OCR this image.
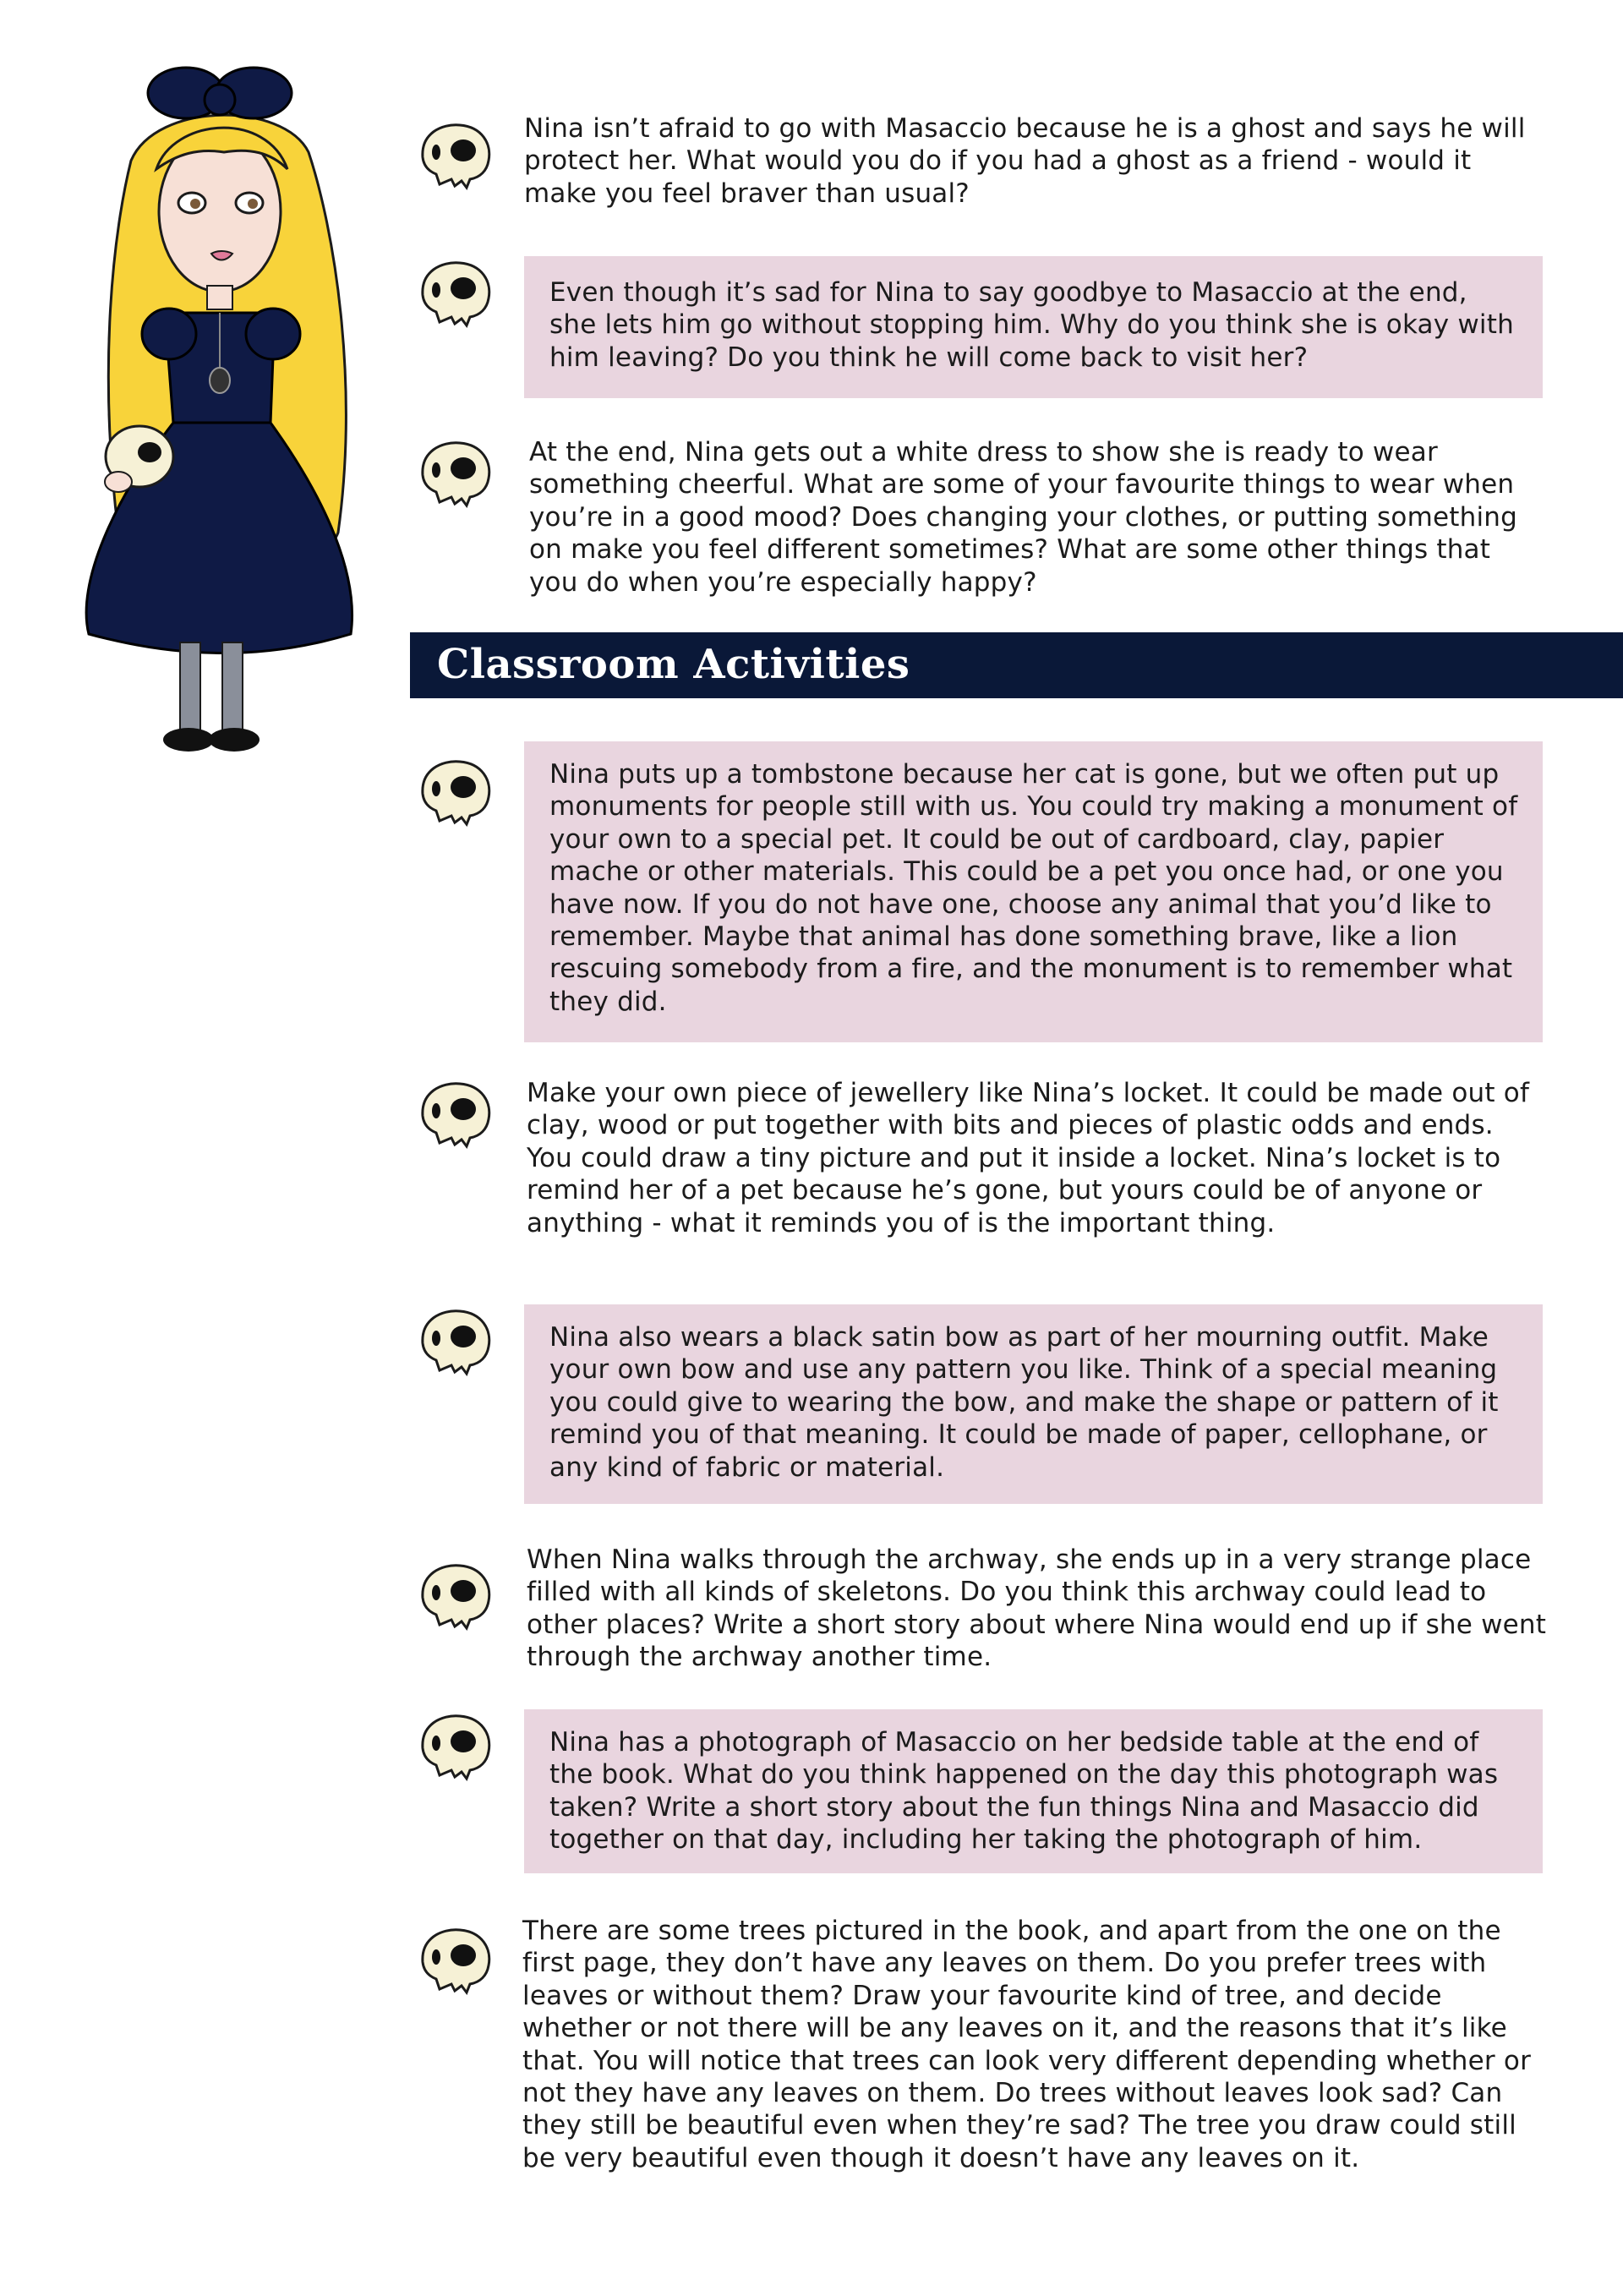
Nina isn’t afraid to go with Masaccio because he is a ghost and says he will protect her. What would you do if you had a ghost as a friend - would it make you feel braver than usual?

Even though it’s sad for Nina to say goodbye to Masaccio at the end, she lets him go without stopping him. Why do you think she is okay with him leaving? Do you think he will come back to visit her?

At the end, Nina gets out a white dress to show she is ready to wear something cheerful. What are some of your favourite things to wear when you’re in a good mood? Does changing your clothes, or putting something on make you feel different sometimes? What are some other things that you do when you’re especially happy?

Classroom Activities

Nina puts up a tombstone because her cat is gone, but we often put up monuments for people still with us. You could try making a monument of your own to a special pet. It could be out of cardboard, clay, papier mache or other materials. This could be a pet you once had, or one you have now. If you do not have one, choose any animal that you’d like to remember. Maybe that animal has done something brave, like a lion rescuing somebody from a fire, and the monument is to remember what they did.

Make your own piece of jewellery like Nina’s locket. It could be made out of clay, wood or put together with bits and pieces of plastic odds and ends. You could draw a tiny picture and put it inside a locket. Nina’s locket is to remind her of a pet because he’s gone, but yours could be of anyone or anything - what it reminds you of is the important thing.

Nina also wears a black satin bow as part of her mourning outfit. Make your own bow and use any pattern you like. Think of a special meaning you could give to wearing the bow, and make the shape or pattern of it remind you of that meaning. It could be made of paper, cellophane, or any kind of fabric or material.

When Nina walks through the archway, she ends up in a very strange place filled with all kinds of skeletons. Do you think this archway could lead to other places? Write a short story about where Nina would end up if she went through the archway another time.

Nina has a photograph of Masaccio on her bedside table at the end of the book. What do you think happened on the day this photograph was taken? Write a short story about the fun things Nina and Masaccio did together on that day, including her taking the photograph of him.

There are some trees pictured in the book, and apart from the one on the first page, they don’t have any leaves on them. Do you prefer trees with leaves or without them? Draw your favourite kind of tree, and decide whether or not there will be any leaves on it, and the reasons that it’s like that. You will notice that trees can look very different depending whether or not they have any leaves on them. Do trees without leaves look sad? Can they still be beautiful even when they’re sad? The tree you draw could still be very beautiful even though it doesn’t have any leaves on it.
